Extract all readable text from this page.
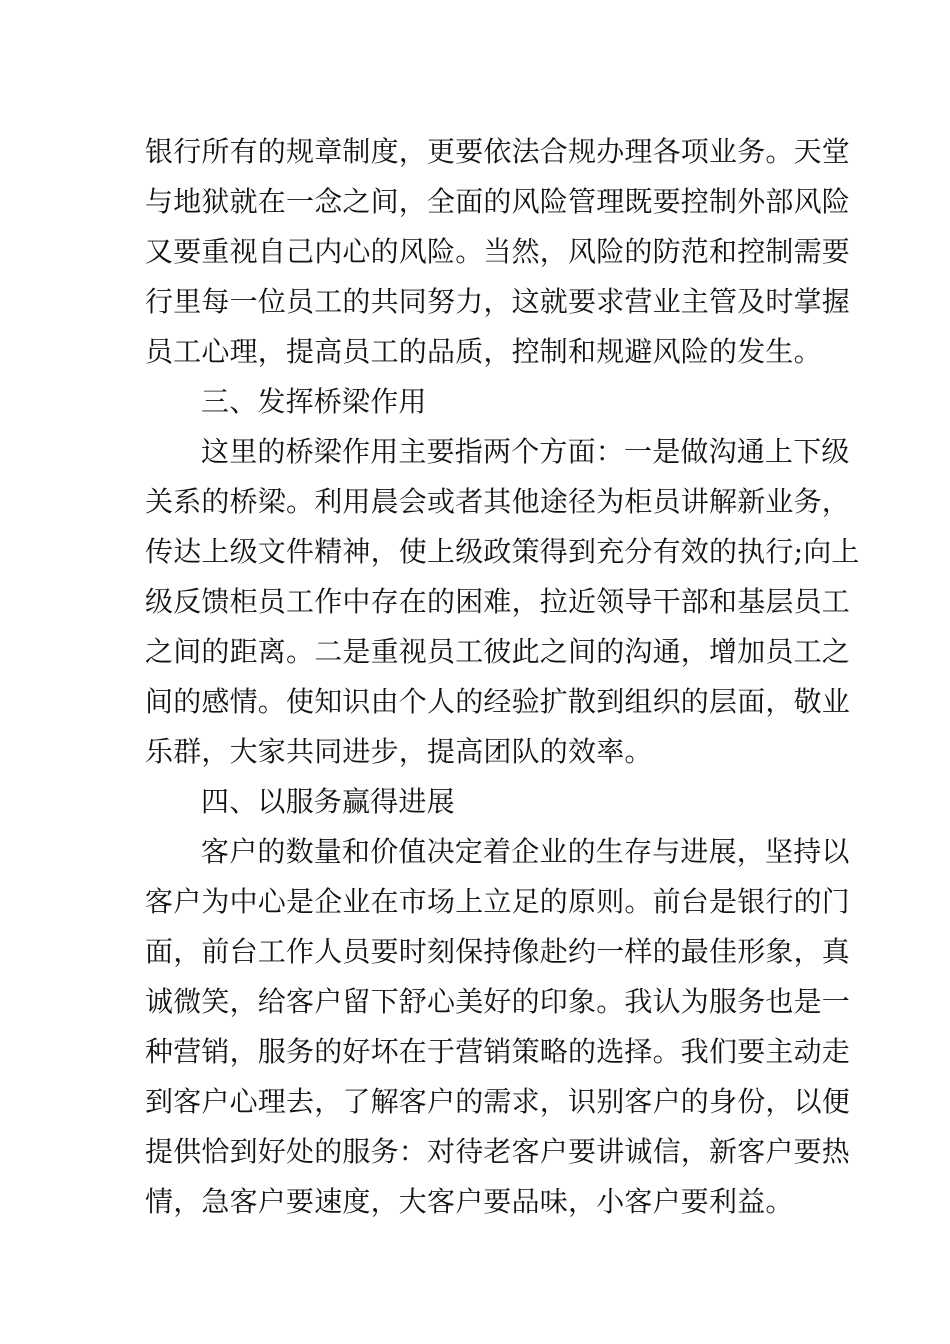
银行所有的规章制度，更要依法合规办理各项业务。天堂
与地狱就在一念之间，全面的风险管理既要控制外部风险
又要重视自己内心的风险。当然，风险的防范和控制需要
行里每一位员工的共同努力，这就要求营业主管及时掌握
员工心理，提高员工的品质，控制和规避风险的发生。
三、发挥桥梁作用
这里的桥梁作用主要指两个方面：一是做沟通上下级
关系的桥梁。利用晨会或者其他途径为柜员讲解新业务，
传达上级文件精神，使上级政策得到充分有效的执行;向上
级反馈柜员工作中存在的困难，拉近领导干部和基层员工
之间的距离。二是重视员工彼此之间的沟通，增加员工之
间的感情。使知识由个人的经验扩散到组织的层面，敬业
乐群，大家共同进步，提高团队的效率。
四、以服务赢得进展
客户的数量和价值决定着企业的生存与进展，坚持以
客户为中心是企业在市场上立足的原则。前台是银行的门
面，前台工作人员要时刻保持像赴约一样的最佳形象，真
诚微笑，给客户留下舒心美好的印象。我认为服务也是一
种营销，服务的好坏在于营销策略的选择。我们要主动走
到客户心理去，了解客户的需求，识别客户的身份，以便
提供恰到好处的服务：对待老客户要讲诚信，新客户要热
情，急客户要速度，大客户要品味，小客户要利益。
